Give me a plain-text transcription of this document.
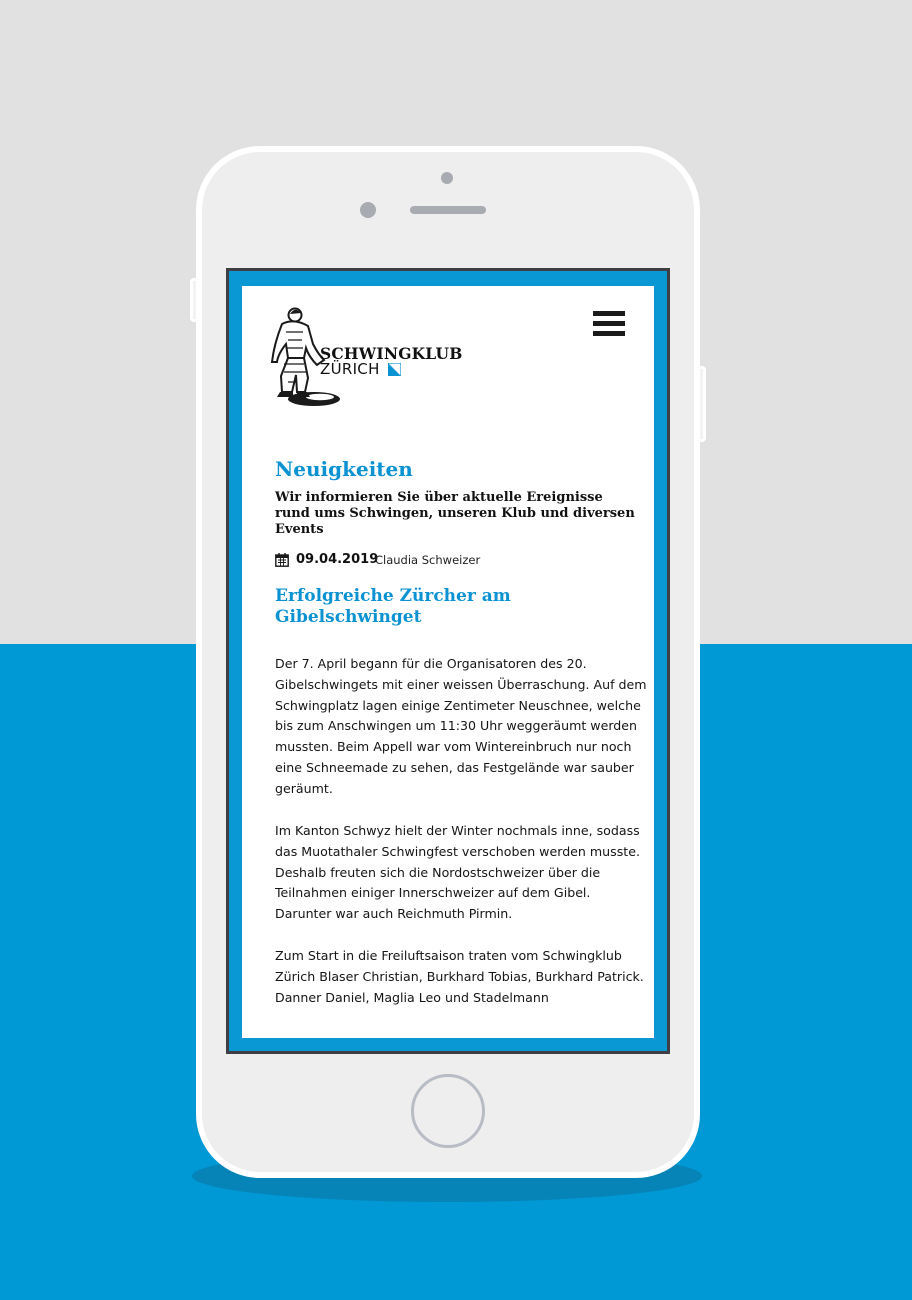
SCHWINGKLUB
ZÜRICH
Neuigkeiten
Wir informieren Sie über aktuelle Ereignisse rund ums Schwingen, unseren Klub und diversen Events
09.04.2019
Claudia Schweizer
Erfolgreiche Zürcher am Gibelschwinget
Der 7. April begann für die Organisatoren des 20. Gibelschwingets mit einer weissen Überraschung. Auf dem Schwingplatz lagen einige Zentimeter Neuschnee, welche bis zum Anschwingen um 11:30 Uhr weggeräumt werden mussten. Beim Appell war vom Wintereinbruch nur noch eine Schneemade zu sehen, das Festgelände war sauber geräumt.
Im Kanton Schwyz hielt der Winter nochmals inne, sodass das Muotathaler Schwingfest verschoben werden musste. Deshalb freuten sich die Nordostschweizer über die Teilnahmen einiger Innerschweizer auf dem Gibel. Darunter war auch Reichmuth Pirmin.
Zum Start in die Freiluftsaison traten vom Schwingklub Zürich Blaser Christian, Burkhard Tobias, Burkhard Patrick. Danner Daniel, Maglia Leo und Stadelmann
